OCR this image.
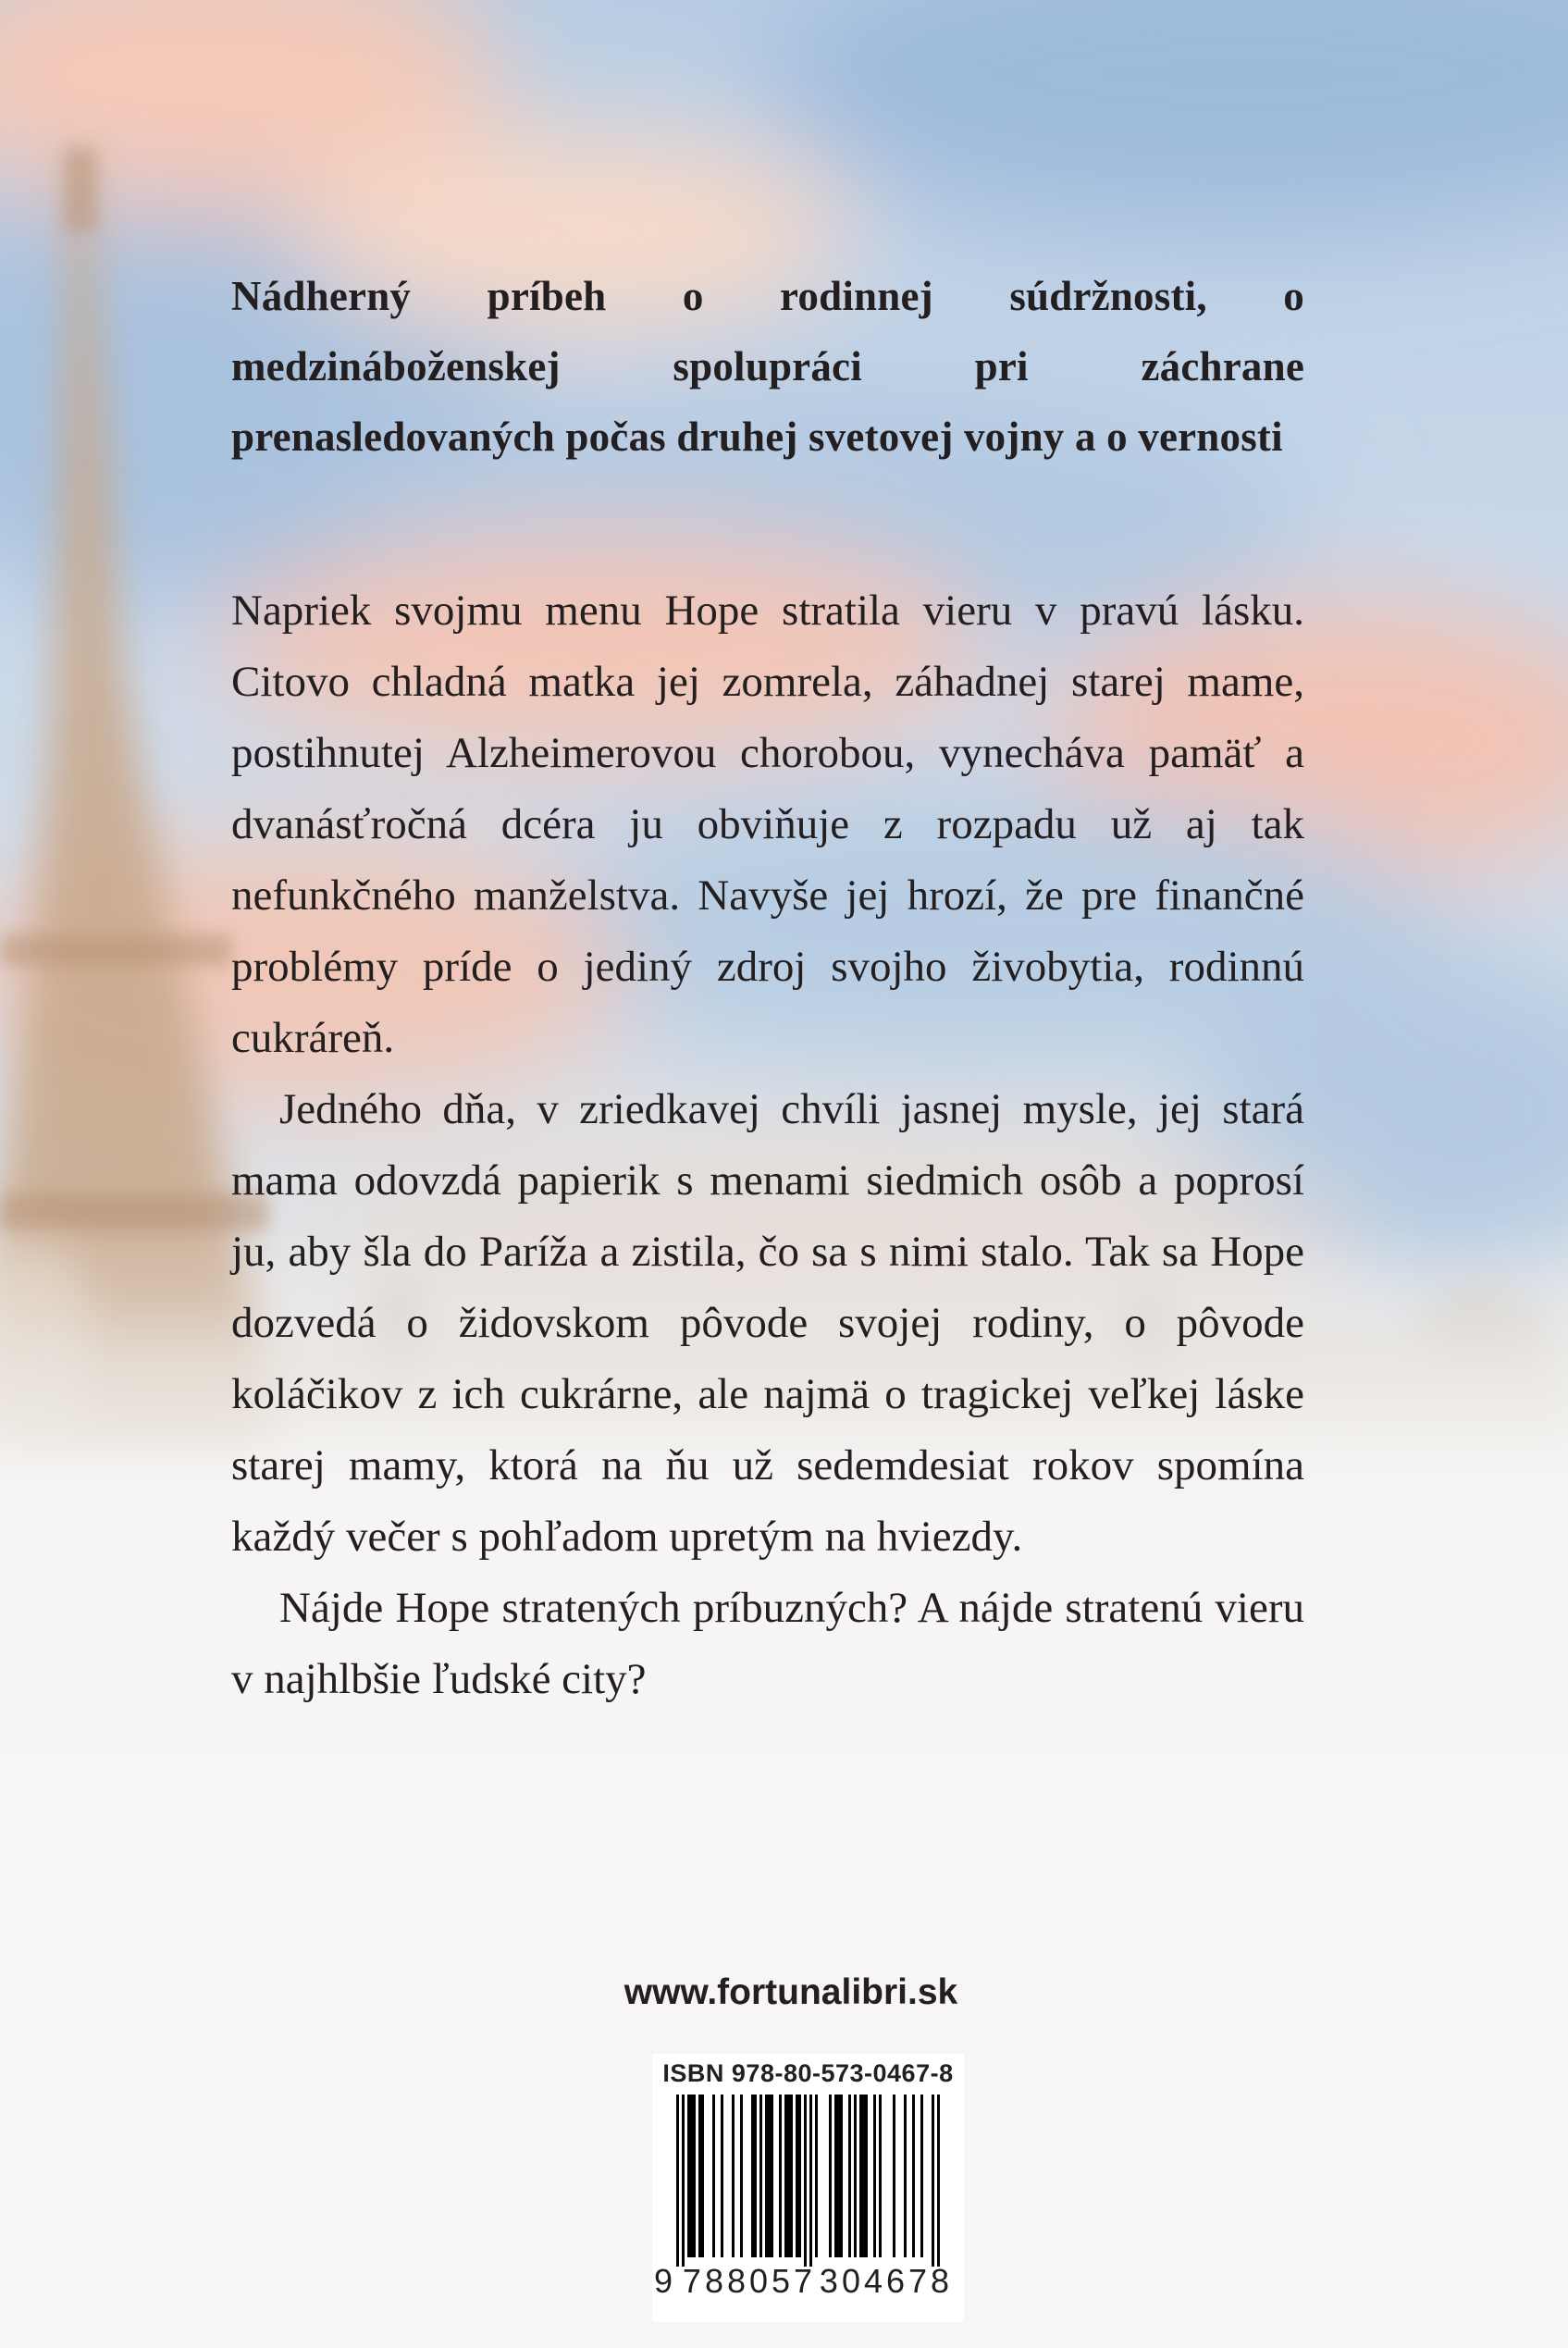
Nádherný príbeh o rodinnej súdržnosti, o medzináboženskej spolupráci pri záchrane prenasledovaných počas druhej svetovej vojny a o vernosti

Napriek svojmu menu Hope stratila vieru v pravú lásku. Citovo chladná matka jej zomrela, záhadnej starej mame, postihnutej Alzheimerovou chorobou, vynecháva pamäť a dvanásťročná dcéra ju obviňuje z rozpadu už aj tak nefunkčného manželstva. Navyše jej hrozí, že pre finančné problémy príde o jediný zdroj svojho živobytia, rodinnú cukráreň.

Jedného dňa, v zriedkavej chvíli jasnej mysle, jej stará mama odovzdá papierik s menami siedmich osôb a poprosí ju, aby šla do Paríža a zistila, čo sa s nimi stalo. Tak sa Hope dozvedá o židovskom pôvode svojej rodiny, o pôvode koláčikov z ich cukrárne, ale najmä o tragickej veľkej láske starej mamy, ktorá na ňu už sedemdesiat rokov spomína každý večer s pohľadom upretým na hviezdy.

Nájde Hope stratených príbuzných? A nájde stratenú vieru v najhlbšie ľudské city?

www.fortunalibri.sk
ISBN 978-80-573-0467-8
9 788057 304678
